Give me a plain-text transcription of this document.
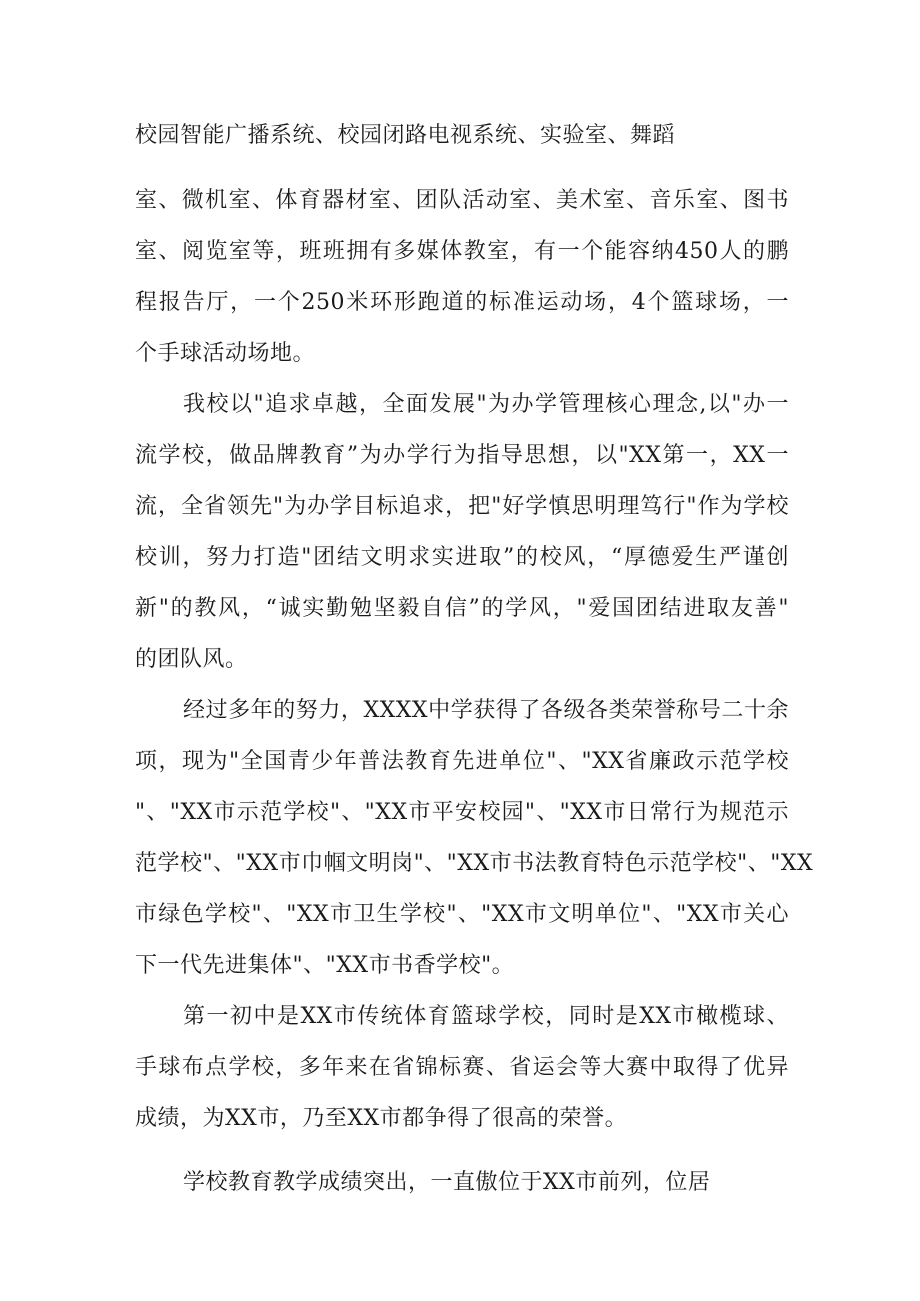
校园智能广播系统、校园闭路电视系统、实验室、舞蹈
室、微机室、体育器材室、团队活动室、美术室、音乐室、图书
室、阅览室等，班班拥有多媒体教室，有一个能容纳450人的鹏
程报告厅，一个250米环形跑道的标准运动场，4个篮球场，一
个手球活动场地。
我校以"追求卓越，全面发展"为办学管理核心理念,以"办一
流学校，做品牌教育”为办学行为指导思想，以"XX第一，XX一
流，全省领先"为办学目标追求，把"好学慎思明理笃行"作为学校
校训，努力打造"团结文明求实进取”的校风，“厚德爱生严谨创
新"的教风，“诚实勤勉坚毅自信”的学风，"爱国团结进取友善"
的团队风。
经过多年的努力，XXXX中学获得了各级各类荣誉称号二十余
项，现为"全国青少年普法教育先进单位"、"XX省廉政示范学校
"、"XX市示范学校"、"XX市平安校园"、"XX市日常行为规范示
范学校"、"XX市巾帼文明岗"、"XX市书法教育特色示范学校"、"XX
市绿色学校"、"XX市卫生学校"、"XX市文明单位"、"XX市关心
下一代先进集体"、"XX市书香学校"。
第一初中是XX市传统体育篮球学校，同时是XX市橄榄球、
手球布点学校，多年来在省锦标赛、省运会等大赛中取得了优异
成绩，为XX市，乃至XX市都争得了很高的荣誉。
学校教育教学成绩突出，一直傲位于XX市前列，位居
